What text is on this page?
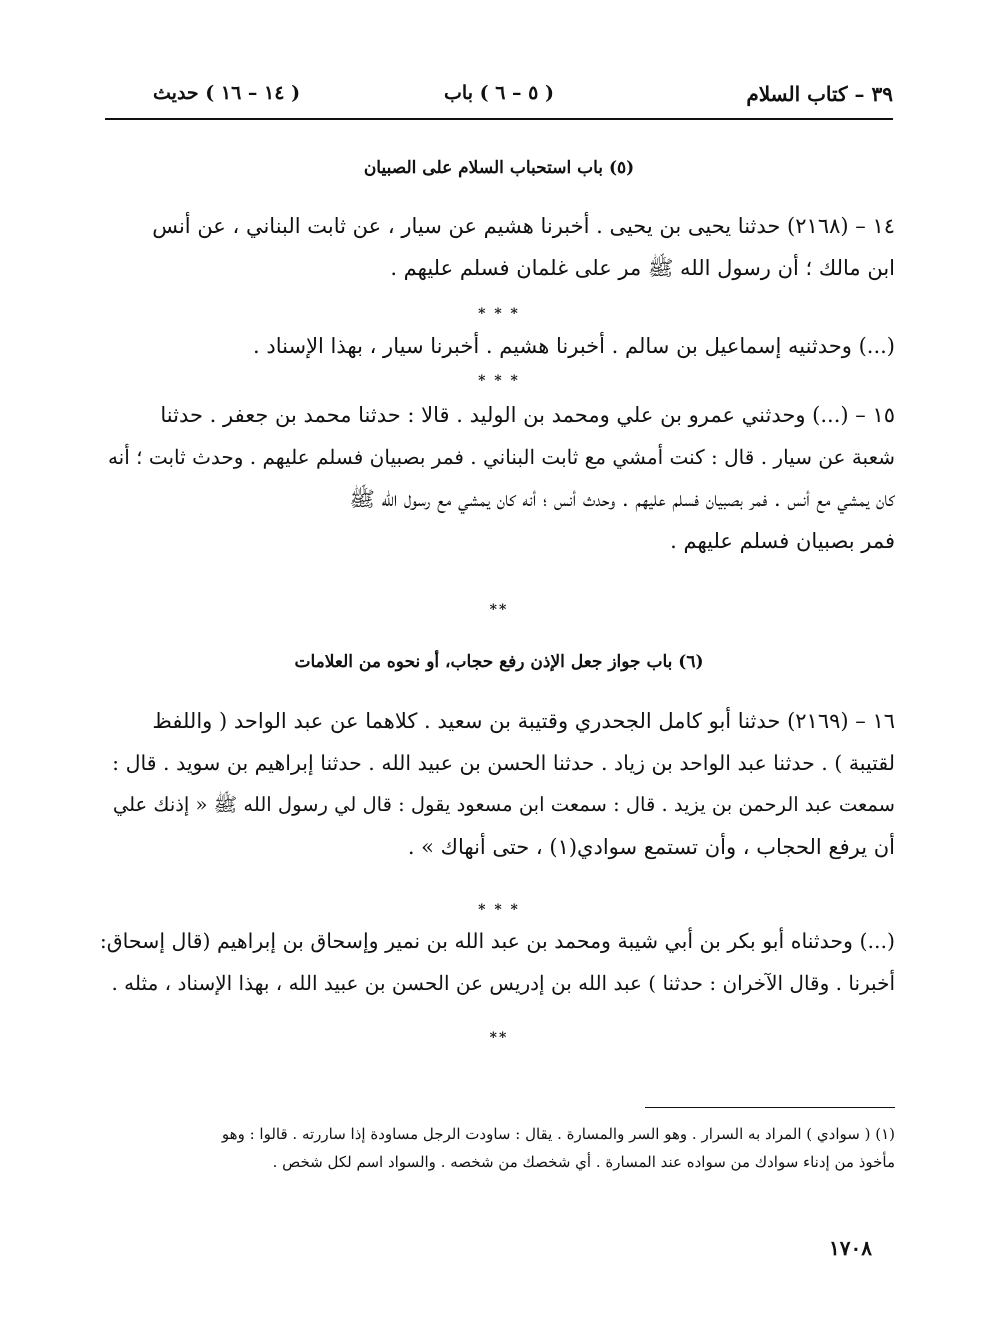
٣٩ – كتاب السلام
( ٥ – ٦ ) باب
( ١٤ – ١٦ ) حديث
(٥) باب استحباب السلام على الصبيان
١٤ – (٢١٦٨) حدثنا يحيى بن يحيى . أخبرنا هشيم عن سيار ، عن ثابت البناني ، عن أنس
ابن مالك ؛ أن رسول الله ﷺ مر على غلمان فسلم عليهم .
* * *
(...) وحدثنيه إسماعيل بن سالم . أخبرنا هشيم . أخبرنا سيار ، بهذا الإسناد .
* * *
١٥ – (...) وحدثني عمرو بن علي ومحمد بن الوليد . قالا : حدثنا محمد بن جعفر . حدثنا
شعبة عن سيار . قال : كنت أمشي مع ثابت البناني . فمر بصبيان فسلم عليهم . وحدث ثابت ؛ أنه
كان يمشي مع أنس . فمر بصبيان فسلم عليهم . وحدث أنس ؛ أنه كان يمشي مع رسول الله ﷺ
فمر بصبيان فسلم عليهم .
**
(٦) باب جواز جعل الإذن رفع حجاب، أو نحوه من العلامات
١٦ – (٢١٦٩) حدثنا أبو كامل الجحدري وقتيبة بن سعيد . كلاهما عن عبد الواحد ( واللفظ
لقتيبة ) . حدثنا عبد الواحد بن زياد . حدثنا الحسن بن عبيد الله . حدثنا إبراهيم بن سويد . قال :
سمعت عبد الرحمن بن يزيد . قال : سمعت ابن مسعود يقول : قال لي رسول الله ﷺ « إذنك علي
أن يرفع الحجاب ، وأن تستمع سوادي(١) ، حتى أنهاك » .
* * *
(...) وحدثناه أبو بكر بن أبي شيبة ومحمد بن عبد الله بن نمير وإسحاق بن إبراهيم (قال إسحاق:
أخبرنا . وقال الآخران : حدثنا ) عبد الله بن إدريس عن الحسن بن عبيد الله ، بهذا الإسناد ، مثله .
**
(١) ( سوادي ) المراد به السرار . وهو السر والمسارة . يقال : ساودت الرجل مساودة إذا ساررته . قالوا : وهو
مأخوذ من إدناء سوادك من سواده عند المسارة . أي شخصك من شخصه . والسواد اسم لكل شخص .
١٧٠٨
